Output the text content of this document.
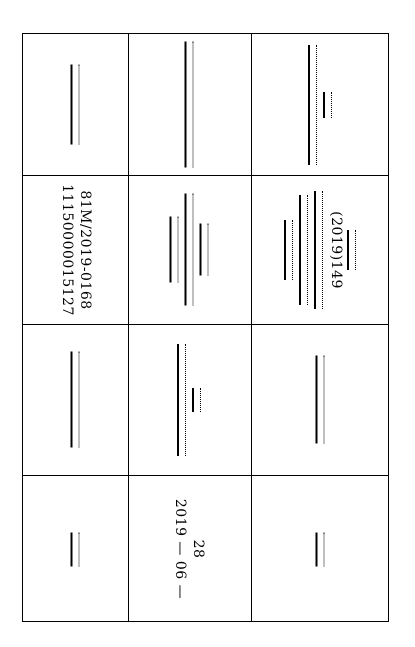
(2019)149
81M/2019-0168
11150000015127
28
2019 — 06 —
